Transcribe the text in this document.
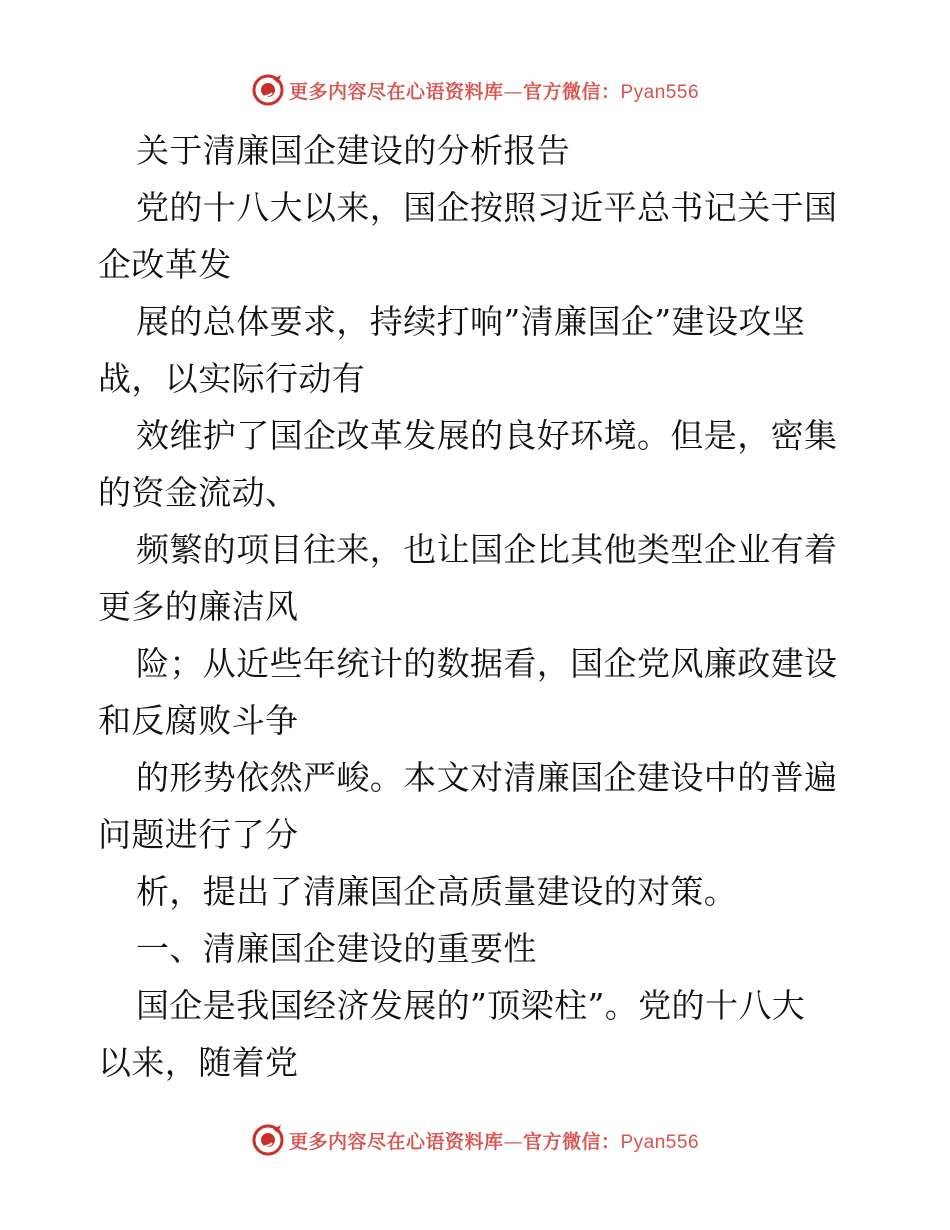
更多内容尽在心语资料库—官方微信：Pyan556
关于清廉国企建设的分析报告
党的十八大以来，国企按照习近平总书记关于国
企改革发
展的总体要求，持续打响”清廉国企”建设攻坚
战，以实际行动有
效维护了国企改革发展的良好环境。但是，密集
的资金流动、
频繁的项目往来，也让国企比其他类型企业有着
更多的廉洁风
险；从近些年统计的数据看，国企党风廉政建设
和反腐败斗争
的形势依然严峻。本文对清廉国企建设中的普遍
问题进行了分
析，提出了清廉国企高质量建设的对策。
一、清廉国企建设的重要性
国企是我国经济发展的”顶梁柱”。党的十八大
以来，随着党
更多内容尽在心语资料库—官方微信：Pyan556
